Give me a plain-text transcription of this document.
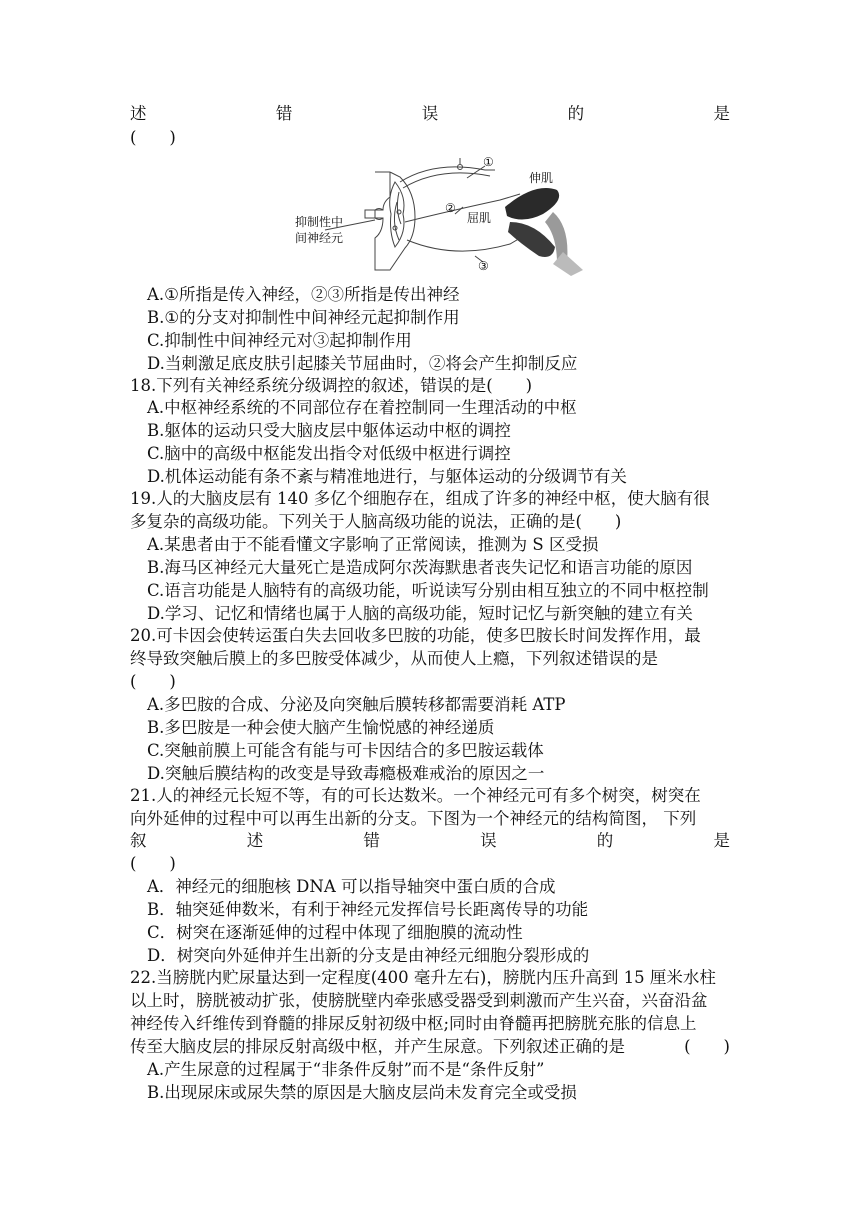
述	错	误	的	是
(　　)
①
②
③
伸肌
屈肌
抑制性中
间神经元
A.①所指是传入神经，②③所指是传出神经
B.①的分支对抑制性中间神经元起抑制作用
C.抑制性中间神经元对③起抑制作用
D.当刺激足底皮肤引起膝关节屈曲时，②将会产生抑制反应
18.下列有关神经系统分级调控的叙述，错误的是(　　)
A.中枢神经系统的不同部位存在着控制同一生理活动的中枢
B.躯体的运动只受大脑皮层中躯体运动中枢的调控
C.脑中的高级中枢能发出指令对低级中枢进行调控
D.机体运动能有条不紊与精准地进行，与躯体运动的分级调节有关
19.人的大脑皮层有 140 多亿个细胞存在，组成了许多的神经中枢，使大脑有很
多复杂的高级功能。下列关于人脑高级功能的说法，正确的是(　　)
A.某患者由于不能看懂文字影响了正常阅读，推测为 S 区受损
B.海马区神经元大量死亡是造成阿尔茨海默患者丧失记忆和语言功能的原因
C.语言功能是人脑特有的高级功能，听说读写分别由相互独立的不同中枢控制
D.学习、记忆和情绪也属于人脑的高级功能，短时记忆与新突触的建立有关
20.可卡因会使转运蛋白失去回收多巴胺的功能，使多巴胺长时间发挥作用，最
终导致突触后膜上的多巴胺受体减少，从而使人上瘾，下列叙述错误的是
(　　)
A.多巴胺的合成、分泌及向突触后膜转移都需要消耗 ATP
B.多巴胺是一种会使大脑产生愉悦感的神经递质
C.突触前膜上可能含有能与可卡因结合的多巴胺运载体
D.突触后膜结构的改变是导致毒瘾极难戒治的原因之一
21.人的神经元长短不等，有的可长达数米。一个神经元可有多个树突，树突在
向外延伸的过程中可以再生出新的分支。下图为一个神经元的结构简图， 下列
叙	述	错	误	的	是
(　　)
A．神经元的细胞核 DNA 可以指导轴突中蛋白质的合成
B．轴突延伸数米，有利于神经元发挥信号长距离传导的功能
C．树突在逐渐延伸的过程中体现了细胞膜的流动性
D．树突向外延伸并生出新的分支是由神经元细胞分裂形成的
22.当膀胱内贮尿量达到一定程度(400 毫升左右)，膀胱内压升高到 15 厘米水柱
以上时，膀胱被动扩张，使膀胱壁内牵张感受器受到刺激而产生兴奋，兴奋沿盆
神经传入纤维传到脊髓的排尿反射初级中枢;同时由脊髓再把膀胱充胀的信息上
传至大脑皮层的排尿反射高级中枢，并产生尿意。下列叙述正确的是	(　　)
A.产生尿意的过程属于“非条件反射”而不是“条件反射”
B.出现尿床或尿失禁的原因是大脑皮层尚未发育完全或受损
